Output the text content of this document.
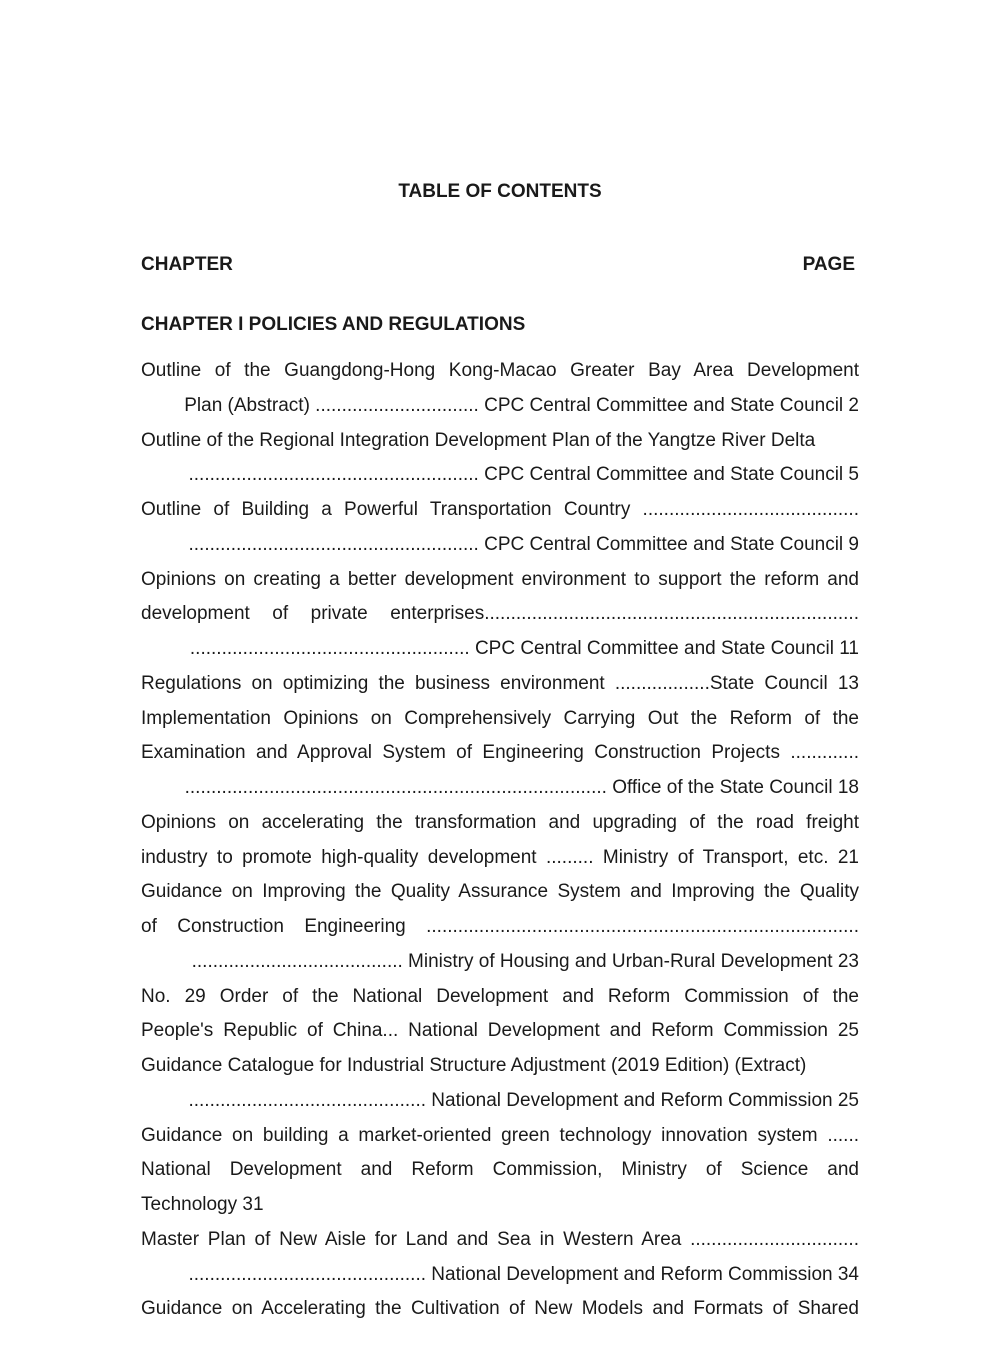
TABLE OF CONTENTS
CHAPTER	PAGE
CHAPTER I POLICIES AND REGULATIONS
Outline of the Guangdong-Hong Kong-Macao Greater Bay Area Development
Plan (Abstract) ............................... CPC Central Committee and State Council 2
Outline of the Regional Integration Development Plan of the Yangtze River Delta
....................................................... CPC Central Committee and State Council 5
Outline of Building a Powerful Transportation Country .........................................
....................................................... CPC Central Committee and State Council 9
Opinions on creating a better development environment to support the reform and
development of private enterprises.......................................................................
..................................................... CPC Central Committee and State Council 11
Regulations on optimizing the business environment ..................State Council 13
Implementation Opinions on Comprehensively Carrying Out the Reform of the
Examination and Approval System of Engineering Construction Projects .............
................................................................................ Office of the State Council 18
Opinions on accelerating the transformation and upgrading of the road freight
industry to promote high-quality development ......... Ministry of Transport, etc. 21
Guidance on Improving the Quality Assurance System and Improving the Quality
of Construction Engineering ..................................................................................
........................................ Ministry of Housing and Urban-Rural Development 23
No. 29 Order of the National Development and Reform Commission of the
People's Republic of China... National Development and Reform Commission 25
Guidance Catalogue for Industrial Structure Adjustment (2019 Edition) (Extract)
............................................. National Development and Reform Commission 25
Guidance on building a market-oriented green technology innovation system ......
National Development and Reform Commission, Ministry of Science and
Technology 31
Master Plan of New Aisle for Land and Sea in Western Area ................................
............................................. National Development and Reform Commission 34
Guidance on Accelerating the Cultivation of New Models and Formats of Shared
